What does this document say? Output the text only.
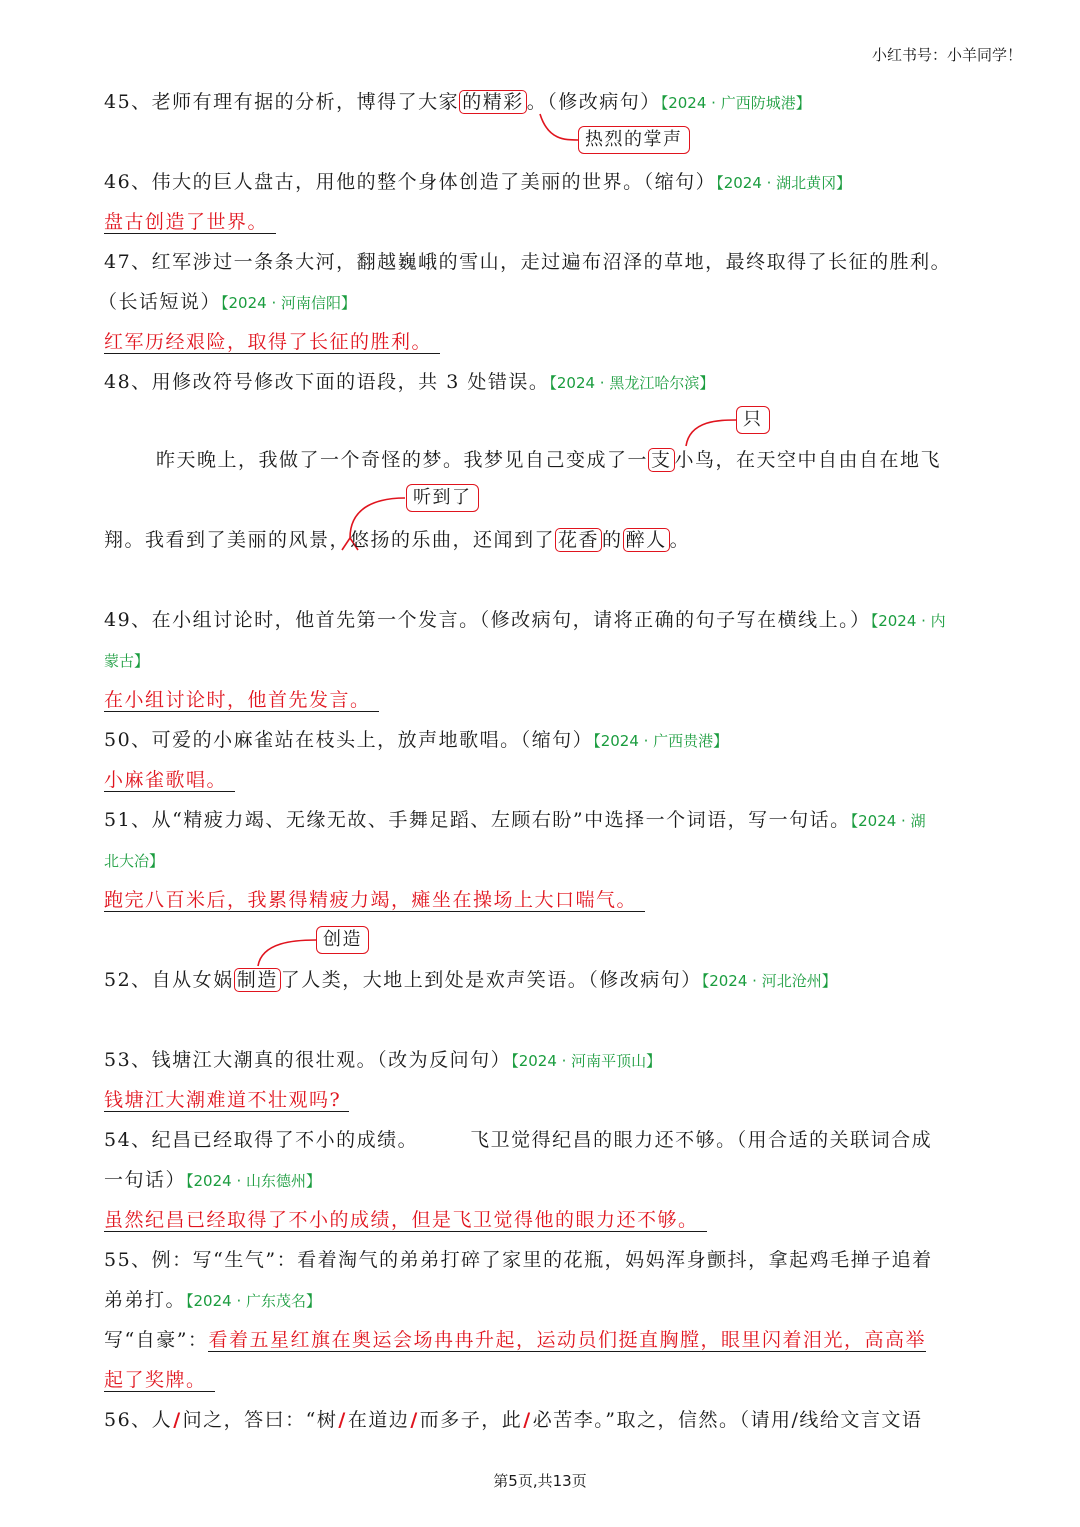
小红书号：小羊同学！
45、老师有理有据的分析，博得了大家 的精彩 。（修改病句）【2024 · 广西防城港】
热烈的掌声
46、伟大的巨人盘古，用他的整个身体创造了美丽的世界。（缩句）【2024 · 湖北黄冈】
盘古创造了世界。
47、红军涉过一条条大河，翻越巍峨的雪山，走过遍布沼泽的草地，最终取得了长征的胜利。
（长话短说）【2024 · 河南信阳】
红军历经艰险，取得了长征的胜利。
48、用修改符号修改下面的语段，共 3 处错误。【2024 · 黑龙江哈尔滨】
只
昨天晚上，我做了一个奇怪的梦。我梦见自己变成了一 支 小鸟，在天空中自由自在地飞
听到了
翔。我看到了美丽的风景，悠扬的乐曲，还闻到了 花香 的 醉人 。
49、在小组讨论时，他首先第一个发言。（修改病句，请将正确的句子写在横线上。）【2024 · 内
蒙古】
在小组讨论时，他首先发言。
50、可爱的小麻雀站在枝头上，放声地歌唱。（缩句）【2024 · 广西贵港】
小麻雀歌唱。
51、从“精疲力竭、无缘无故、手舞足蹈、左顾右盼”中选择一个词语，写一句话。【2024 · 湖
北大冶】
跑完八百米后，我累得精疲力竭，瘫坐在操场上大口喘气。
创造
52、自从女娲 制造 了人类，大地上到处是欢声笑语。（修改病句）【2024 · 河北沧州】
53、钱塘江大潮真的很壮观。（改为反问句）【2024 · 河南平顶山】
钱塘江大潮难道不壮观吗?
54、纪昌已经取得了不小的成绩。　　　飞卫觉得纪昌的眼力还不够。（用合适的关联词合成
一句话）【2024 · 山东德州】
虽然纪昌已经取得了不小的成绩，但是飞卫觉得他的眼力还不够。
55、例：写“生气”：看着淘气的弟弟打碎了家里的花瓶，妈妈浑身颤抖，拿起鸡毛掸子追着
弟弟打。【2024 · 广东茂名】
写“自豪”：看着五星红旗在奥运会场冉冉升起，运动员们挺直胸膛，眼里闪着泪光，高高举
起了奖牌。
56、人/问之，答曰：“树/在道边/而多子，此/必苦李。”取之，信然。（请用/线给文言文语
第5页,共13页
